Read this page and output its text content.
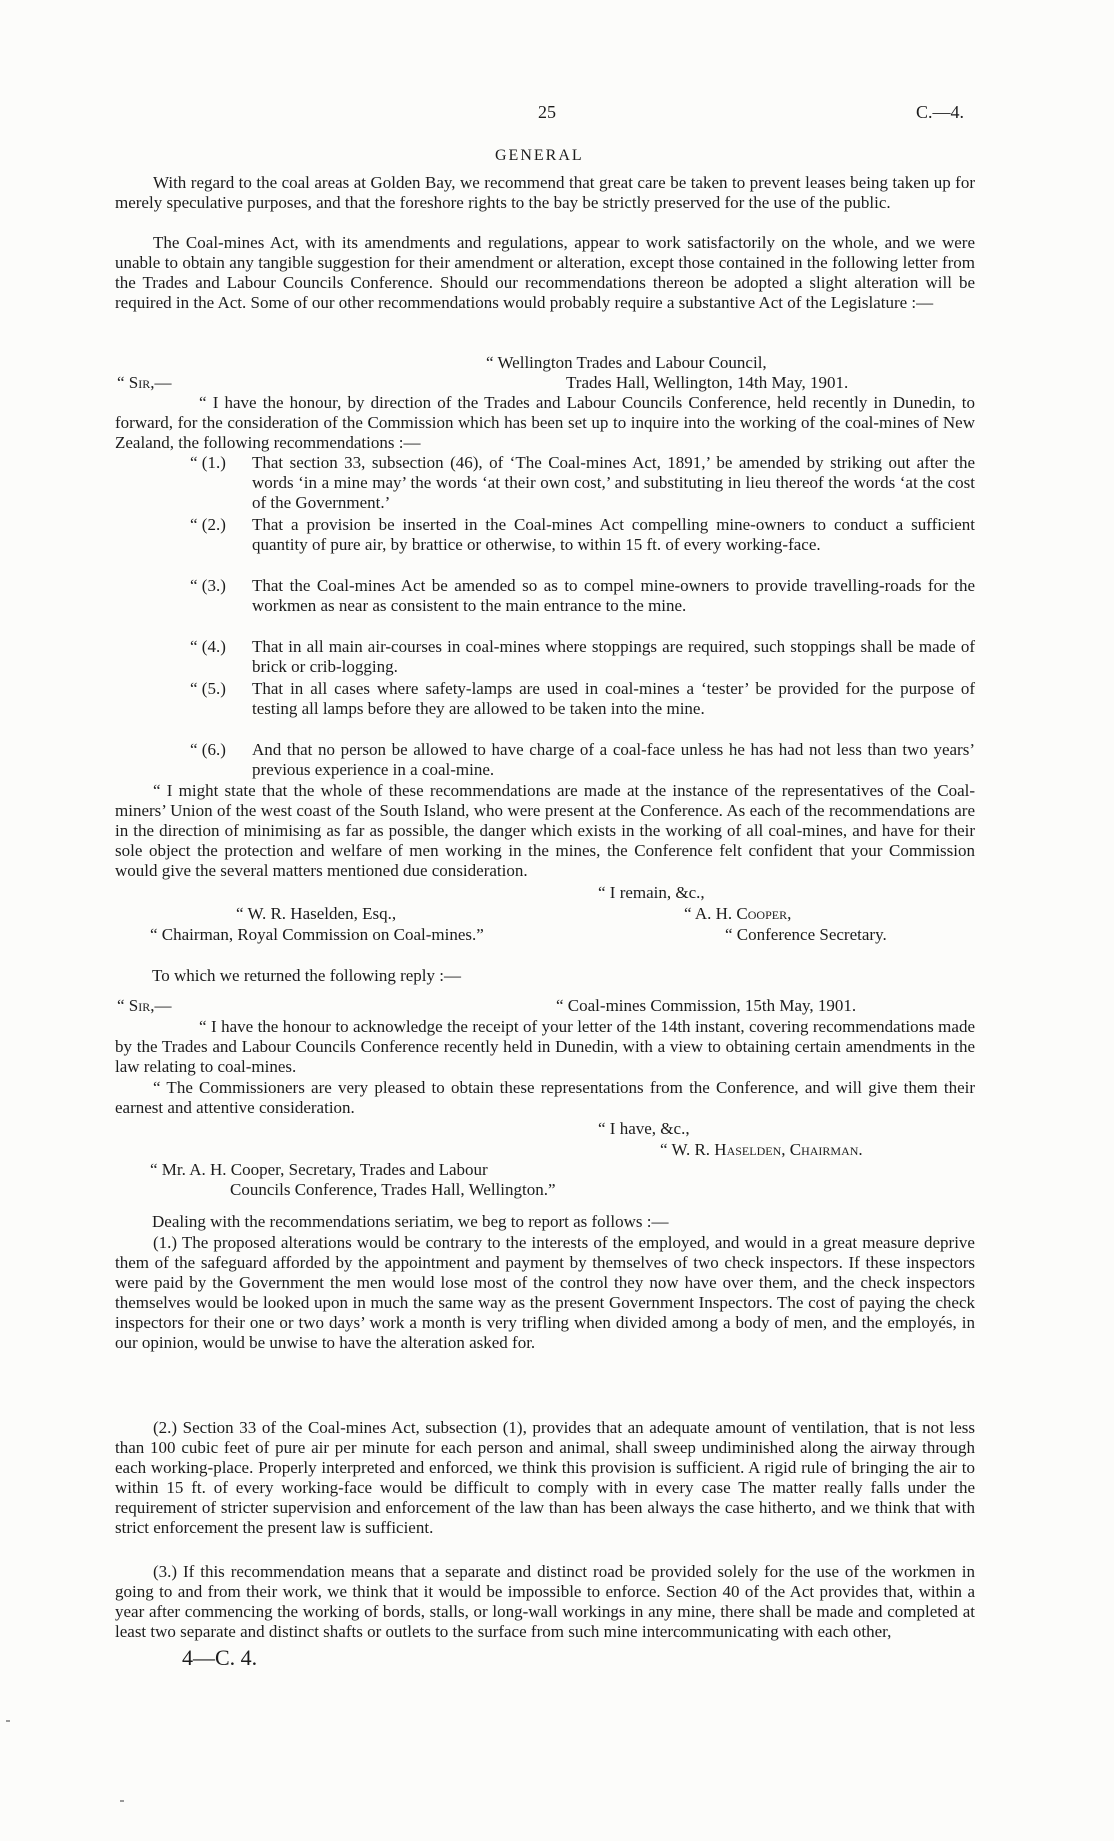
25	C.—4.
GENERAL
With regard to the coal areas at Golden Bay, we recommend that great care be taken to prevent leases being taken up for merely speculative purposes, and that the foreshore rights to the bay be strictly preserved for the use of the public.
The Coal-mines Act, with its amendments and regulations, appear to work satisfactorily on the whole, and we were unable to obtain any tangible suggestion for their amendment or alteration, except those contained in the following letter from the Trades and Labour Councils Conference. Should our recommendations thereon be adopted a slight alteration will be required in the Act. Some of our other recommendations would probably require a substantive Act of the Legislature :—
“ Wellington Trades and Labour Council,
“ Sir,—	Trades Hall, Wellington, 14th May, 1901.
“ I have the honour, by direction of the Trades and Labour Councils Conference, held recently in Dunedin, to forward, for the consideration of the Commission which has been set up to inquire into the working of the coal-mines of New Zealand, the following recommendations :—
“ (1.) That section 33, subsection (46), of ‘The Coal-mines Act, 1891,’ be amended by striking out after the words ‘in a mine may’ the words ‘at their own cost,’ and substituting in lieu thereof the words ‘at the cost of the Government.’
“ (2.) That a provision be inserted in the Coal-mines Act compelling mine-owners to conduct a sufficient quantity of pure air, by brattice or otherwise, to within 15 ft. of every working-face.
“ (3.) That the Coal-mines Act be amended so as to compel mine-owners to provide travelling-roads for the workmen as near as consistent to the main entrance to the mine.
“ (4.) That in all main air-courses in coal-mines where stoppings are required, such stoppings shall be made of brick or crib-logging.
“ (5.) That in all cases where safety-lamps are used in coal-mines a ‘tester’ be provided for the purpose of testing all lamps before they are allowed to be taken into the mine.
“ (6.) And that no person be allowed to have charge of a coal-face unless he has had not less than two years’ previous experience in a coal-mine.
“ I might state that the whole of these recommendations are made at the instance of the representatives of the Coal-miners’ Union of the west coast of the South Island, who were present at the Conference. As each of the recommendations are in the direction of minimising as far as possible, the danger which exists in the working of all coal-mines, and have for their sole object the protection and welfare of men working in the mines, the Conference felt confident that your Commission would give the several matters mentioned due consideration.
“ I remain, &c.,
“ W. R. Haselden, Esq.,	“ A. H. Cooper,
“ Chairman, Royal Commission on Coal-mines.”	“ Conference Secretary.
To which we returned the following reply :—
“ Sir,—	“ Coal-mines Commission, 15th May, 1901.
“ I have the honour to acknowledge the receipt of your letter of the 14th instant, covering recommendations made by the Trades and Labour Councils Conference recently held in Dunedin, with a view to obtaining certain amendments in the law relating to coal-mines.
“ The Commissioners are very pleased to obtain these representations from the Conference, and will give them their earnest and attentive consideration.
“ I have, &c.,
“ W. R. Haselden, Chairman.
“ Mr. A. H. Cooper, Secretary, Trades and Labour
Councils Conference, Trades Hall, Wellington.”
Dealing with the recommendations seriatim, we beg to report as follows :—
(1.) The proposed alterations would be contrary to the interests of the employed, and would in a great measure deprive them of the safeguard afforded by the appointment and payment by themselves of two check inspectors. If these inspectors were paid by the Government the men would lose most of the control they now have over them, and the check inspectors themselves would be looked upon in much the same way as the present Government Inspectors. The cost of paying the check inspectors for their one or two days’ work a month is very trifling when divided among a body of men, and the employés, in our opinion, would be unwise to have the alteration asked for.
(2.) Section 33 of the Coal-mines Act, subsection (1), provides that an adequate amount of ventilation, that is not less than 100 cubic feet of pure air per minute for each person and animal, shall sweep undiminished along the airway through each working-place. Properly interpreted and enforced, we think this provision is sufficient. A rigid rule of bringing the air to within 15 ft. of every working-face would be difficult to comply with in every case The matter really falls under the requirement of stricter supervision and enforcement of the law than has been always the case hitherto, and we think that with strict enforcement the present law is sufficient.
(3.) If this recommendation means that a separate and distinct road be provided solely for the use of the workmen in going to and from their work, we think that it would be impossible to enforce. Section 40 of the Act provides that, within a year after commencing the working of bords, stalls, or long-wall workings in any mine, there shall be made and completed at least two separate and distinct shafts or outlets to the surface from such mine intercommunicating with each other,
4—C. 4.
